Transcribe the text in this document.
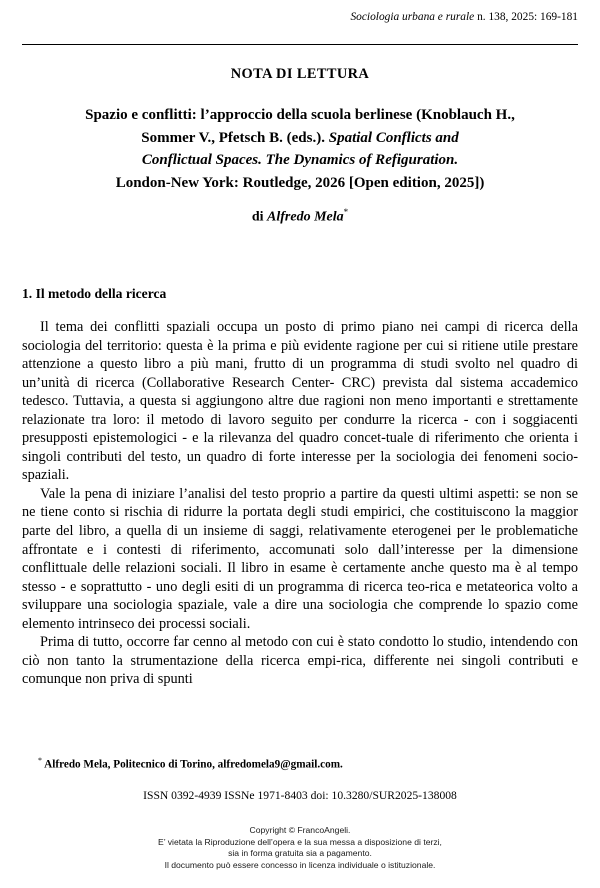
Sociologia urbana e rurale n. 138, 2025: 169-181
NOTA DI LETTURA
Spazio e conflitti: l’approccio della scuola berlinese (Knoblauch H.,
Sommer V., Pfetsch B. (eds.). Spatial Conflicts and
Conflictual Spaces. The Dynamics of Refiguration.
London-New York: Routledge, 2026 [Open edition, 2025])
di Alfredo Mela*
1. Il metodo della ricerca

Il tema dei conflitti spaziali occupa un posto di primo piano nei campi di ricerca della sociologia del territorio: questa è la prima e più evidente ragione per cui si ritiene utile prestare attenzione a questo libro a più mani, frutto di un programma di studi svolto nel quadro di un’unità di ricerca (Collaborative Research Center- CRC) prevista dal sistema accademico tedesco. Tuttavia, a questa si aggiungono altre due ragioni non meno importanti e strettamente relazionate tra loro: il metodo di lavoro seguito per condurre la ricerca - con i soggiacenti presupposti epistemologici - e la rilevanza del quadro concet-tuale di riferimento che orienta i singoli contributi del testo, un quadro di forte interesse per la sociologia dei fenomeni socio-spaziali.

Vale la pena di iniziare l’analisi del testo proprio a partire da questi ultimi aspetti: se non se ne tiene conto si rischia di ridurre la portata degli studi empirici, che costituiscono la maggior parte del libro, a quella di un insieme di saggi, relativamente eterogenei per le problematiche affrontate e i contesti di riferimento, accomunati solo dall’interesse per la dimensione conflittuale delle relazioni sociali. Il libro in esame è certamente anche questo ma è al tempo stesso - e soprattutto - uno degli esiti di un programma di ricerca teo-rica e metateorica volto a sviluppare una sociologia spaziale, vale a dire una sociologia che comprende lo spazio come elemento intrinseco dei processi sociali.

Prima di tutto, occorre far cenno al metodo con cui è stato condotto lo studio, intendendo con ciò non tanto la strumentazione della ricerca empi-rica, differente nei singoli contributi e comunque non priva di spunti

* Alfredo Mela, Politecnico di Torino, alfredomela9@gmail.com.
ISSN 0392-4939 ISSNe 1971-8403 doi: 10.3280/SUR2025-138008
Copyright © FrancoAngeli.
E’ vietata la Riproduzione dell’opera e la sua messa a disposizione di terzi,
sia in forma gratuita sia a pagamento.
Il documento può essere concesso in licenza individuale o istituzionale.
